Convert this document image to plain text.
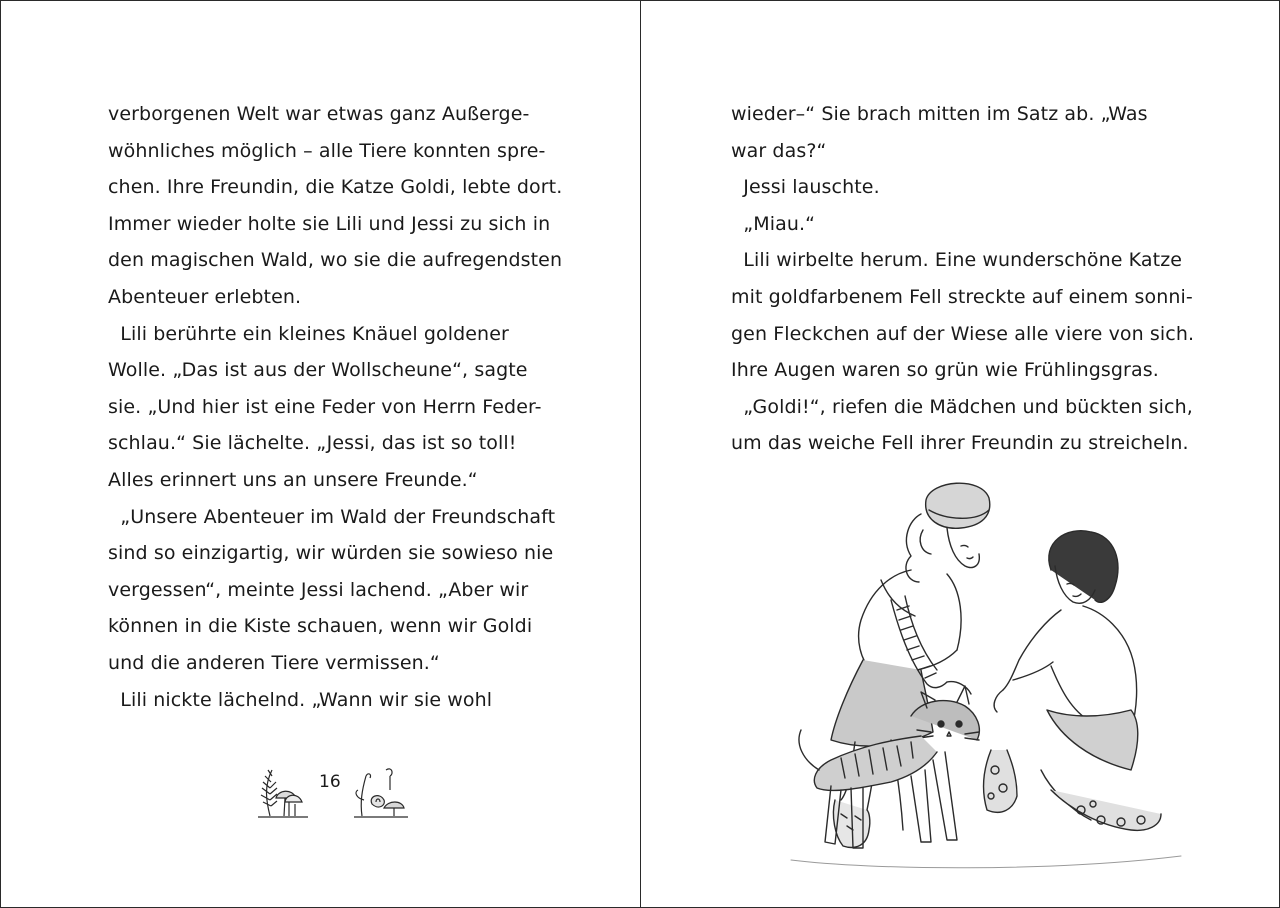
verborgenen Welt war etwas ganz Außerge-
wöhnliches möglich – alle Tiere konnten spre-
chen. Ihre Freundin, die Katze Goldi, lebte dort.
Immer wieder holte sie Lili und Jessi zu sich in
den magischen Wald, wo sie die aufregendsten
Abenteuer erlebten.
Lili berührte ein kleines Knäuel goldener
Wolle. „Das ist aus der Wollscheune“, sagte
sie. „Und hier ist eine Feder von Herrn Feder-
schlau.“ Sie lächelte. „Jessi, das ist so toll!
Alles erinnert uns an unsere Freunde.“
„Unsere Abenteuer im Wald der Freundschaft
sind so einzigartig, wir würden sie sowieso nie
vergessen“, meinte Jessi lachend. „Aber wir
können in die Kiste schauen, wenn wir Goldi
und die anderen Tiere vermissen.“
Lili nickte lächelnd. „Wann wir sie wohl
16
wieder–“ Sie brach mitten im Satz ab. „Was
war das?“
Jessi lauschte.
„Miau.“
Lili wirbelte herum. Eine wunderschöne Katze
mit goldfarbenem Fell streckte auf einem sonni-
gen Fleckchen auf der Wiese alle viere von sich.
Ihre Augen waren so grün wie Frühlingsgras.
„Goldi!“, riefen die Mädchen und bückten sich,
um das weiche Fell ihrer Freundin zu streicheln.
